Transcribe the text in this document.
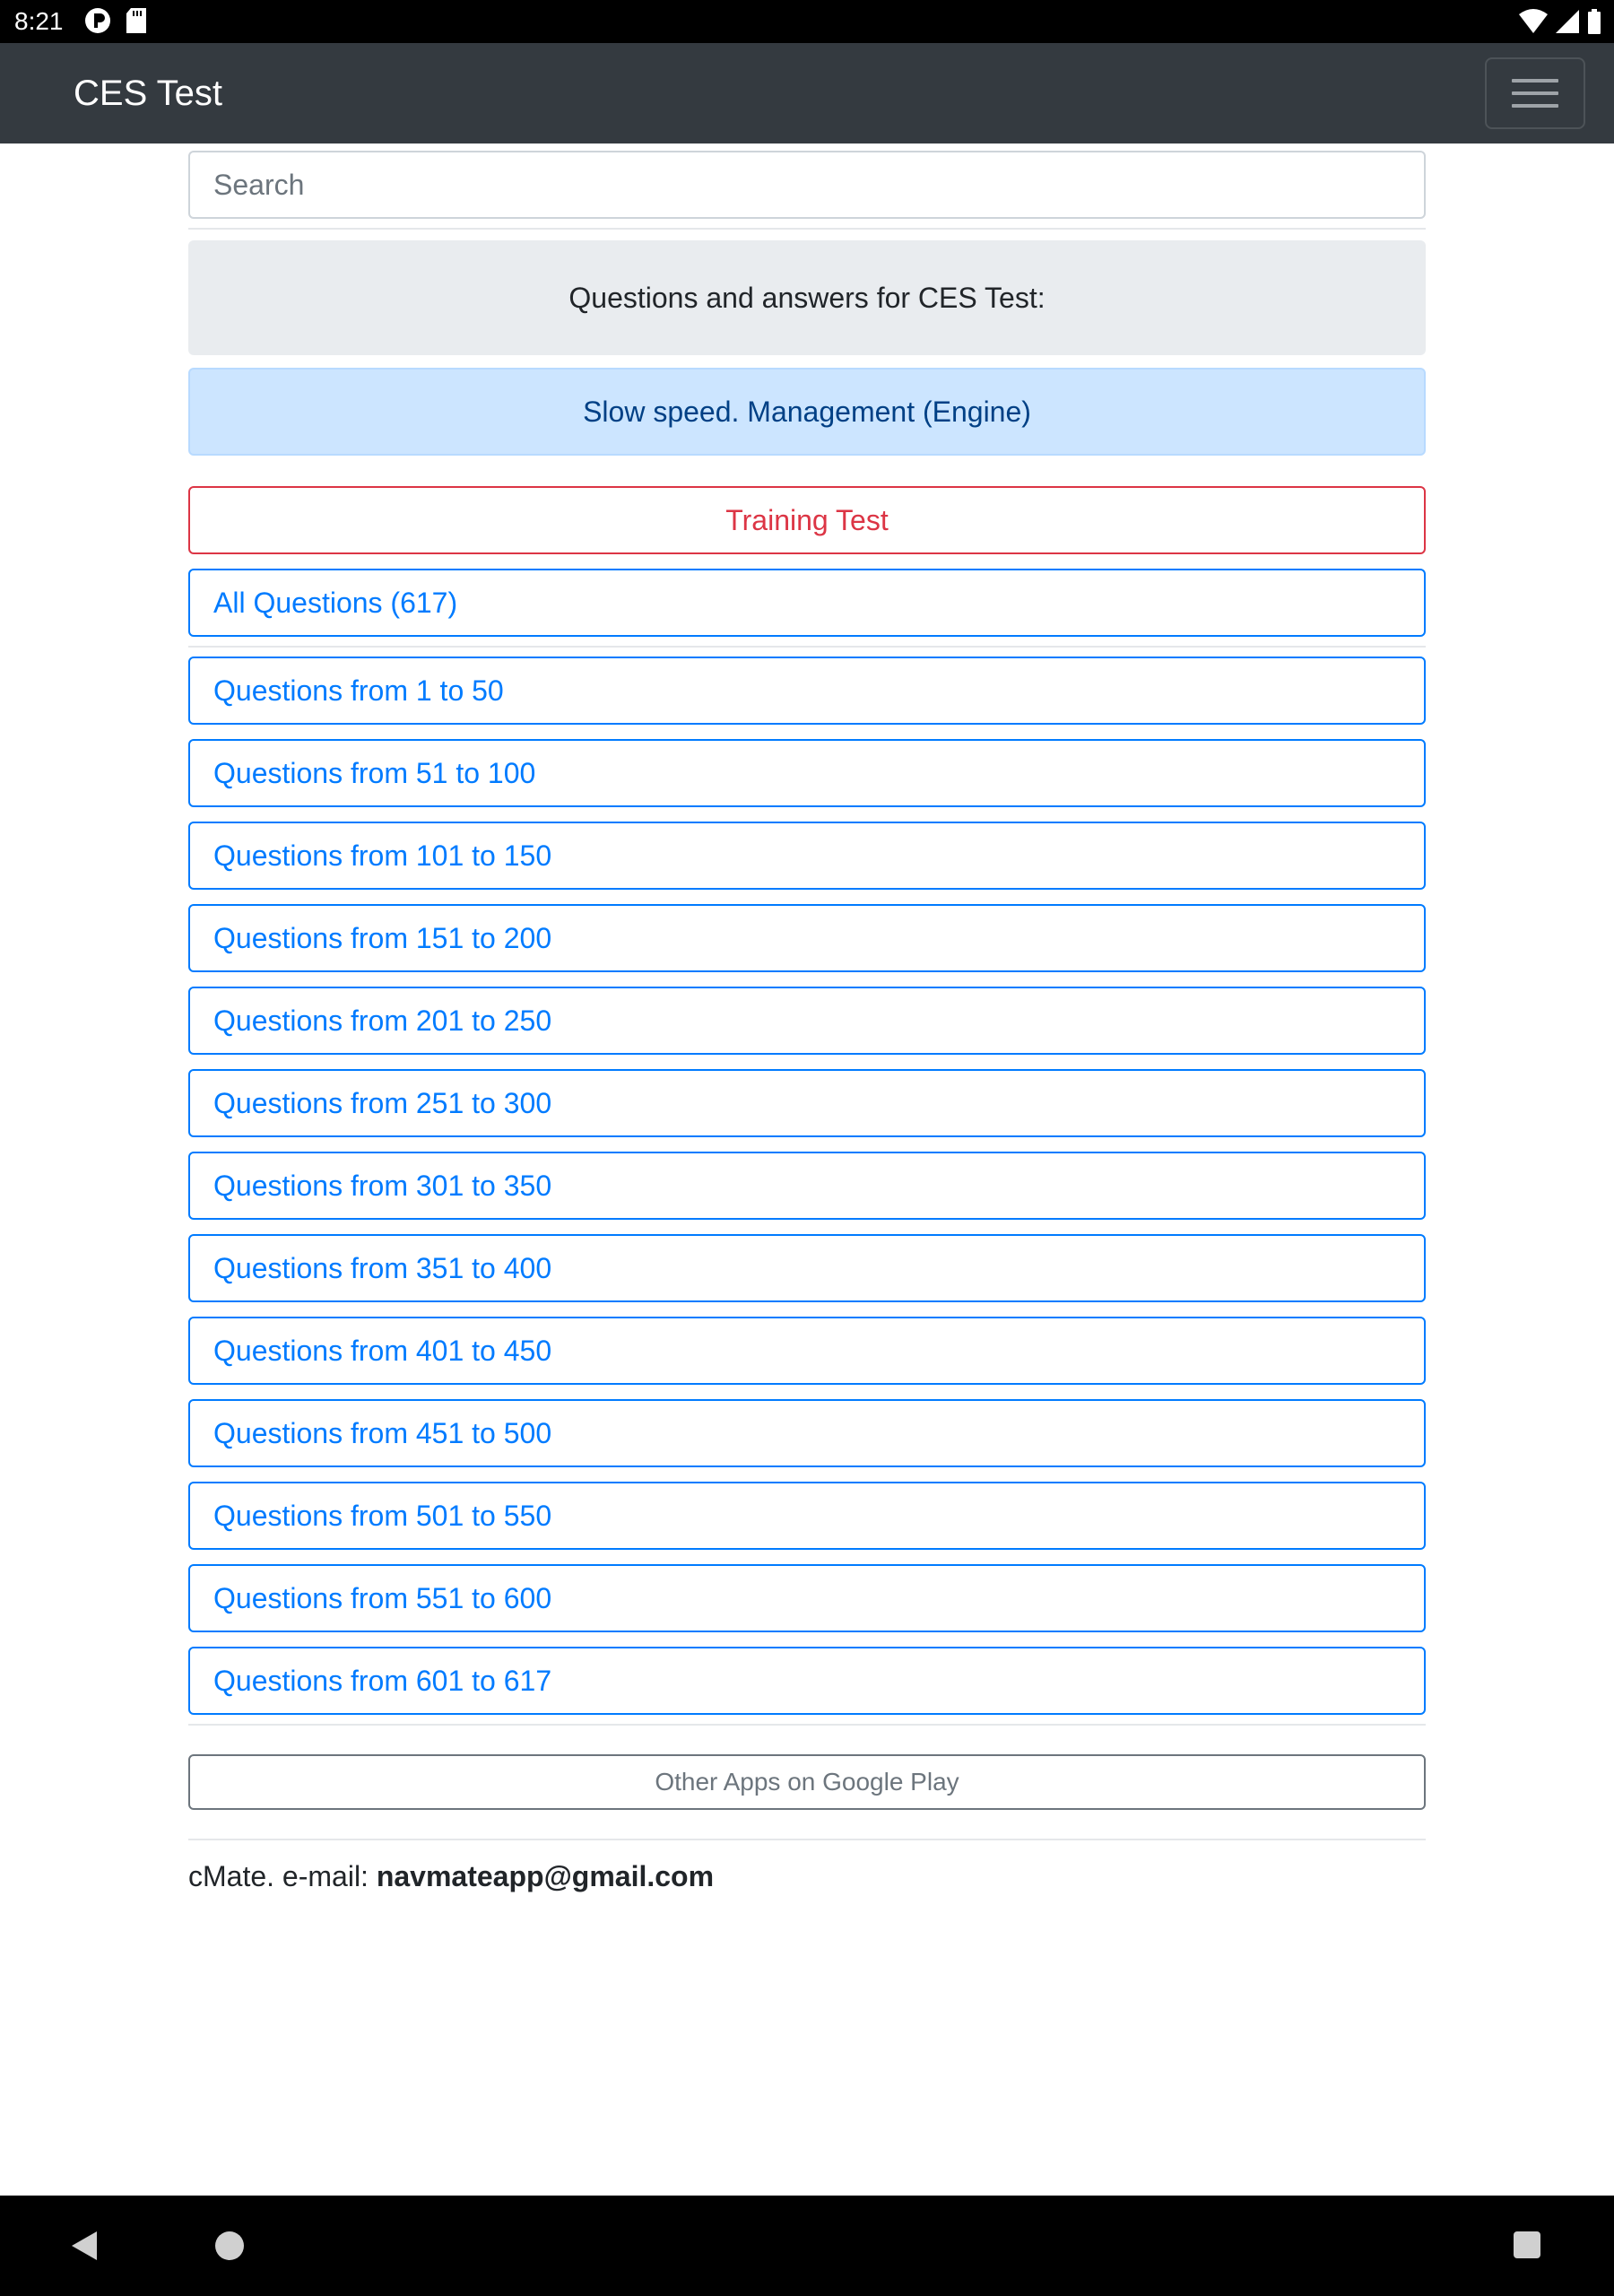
8:21
CES Test
Search
Questions and answers for CES Test:
Slow speed. Management (Engine)
Training Test
All Questions (617)
Questions from 1 to 50
Questions from 51 to 100
Questions from 101 to 150
Questions from 151 to 200
Questions from 201 to 250
Questions from 251 to 300
Questions from 301 to 350
Questions from 351 to 400
Questions from 401 to 450
Questions from 451 to 500
Questions from 501 to 550
Questions from 551 to 600
Questions from 601 to 617
Other Apps on Google Play

cMate. e-mail: navmateapp@gmail.com
